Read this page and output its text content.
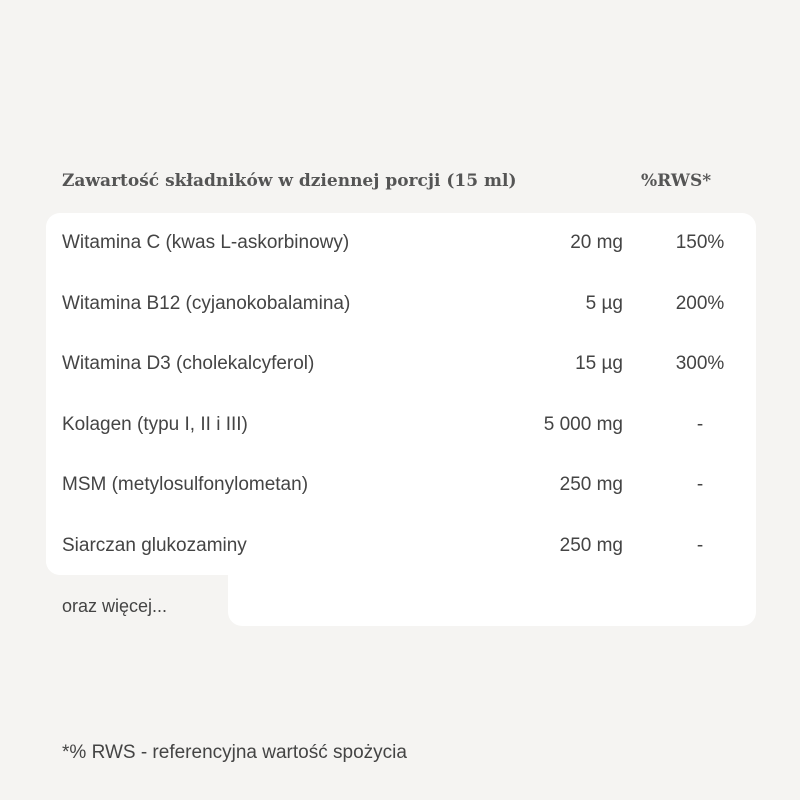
Zawartość składników w dziennej porcji (15 ml)	%RWS*
Witamina C (kwas L-askorbinowy)	20 mg	150%
Witamina B12 (cyjanokobalamina)	5 µg	200%
Witamina D3 (cholekalcyferol)	15 µg	300%
Kolagen (typu I, II i III)	5 000 mg	-
MSM (metylosulfonylometan)	250 mg	-
Siarczan glukozaminy	250 mg	-
oraz więcej...
*% RWS - referencyjna wartość spożycia
